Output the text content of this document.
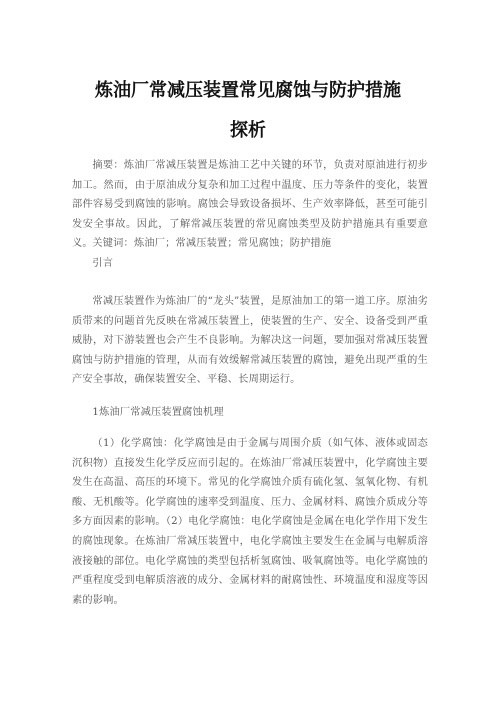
炼油厂常减压装置常见腐蚀与防护措施
探析

摘要：炼油厂常减压装置是炼油工艺中关键的环节，负责对原油进行初步加工。然而，由于原油成分复杂和加工过程中温度、压力等条件的变化，装置部件容易受到腐蚀的影响。腐蚀会导致设备损坏、生产效率降低，甚至可能引发安全事故。因此，了解常减压装置的常见腐蚀类型及防护措施具有重要意义。 关键词：炼油厂；常减压装置；常见腐蚀；防护措施

引言

常减压装置作为炼油厂的“龙头”装置，是原油加工的第一道工序。原油劣质带来的问题首先反映在常减压装置上，使装置的生产、安全、设备受到严重威胁，对下游装置也会产生不良影响。为解决这一问题，要加强对常减压装置腐蚀与防护措施的管理，从而有效缓解常减压装置的腐蚀，避免出现严重的生产安全事故，确保装置安全、平稳、长周期运行。

1炼油厂常减压装置腐蚀机理

（1）化学腐蚀：化学腐蚀是由于金属与周围介质（如气体、液体或固态沉积物）直接发生化学反应而引起的。在炼油厂常减压装置中，化学腐蚀主要发生在高温、高压的环境下。常见的化学腐蚀介质有硫化氢、氢氧化物、有机酸、无机酸等。化学腐蚀的速率受到温度、压力、金属材料、腐蚀介质成分等多方面因素的影响。（2）电化学腐蚀：电化学腐蚀是金属在电化学作用下发生的腐蚀现象。在炼油厂常减压装置中，电化学腐蚀主要发生在金属与电解质溶液接触的部位。电化学腐蚀的类型包括析氢腐蚀、吸氧腐蚀等。电化学腐蚀的严重程度受到电解质溶液的成分、金属材料的耐腐蚀性、环境温度和湿度等因素的影响。
